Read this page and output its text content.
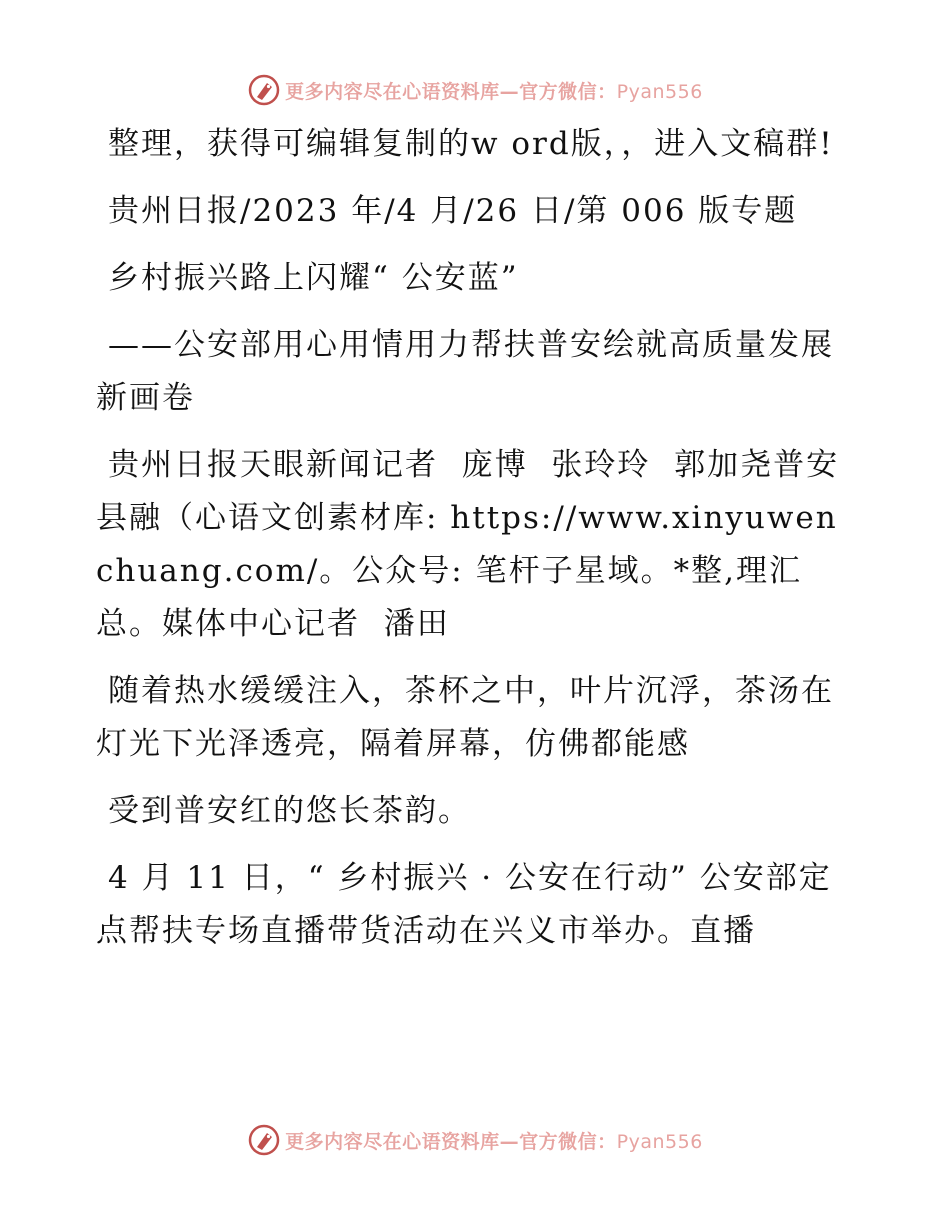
更多内容尽在心语资料库—官方微信：Pyan556

整理，获得可编辑复制的w ord版，，进入文稿群!

贵州日报/2023 年/4 月/26 日/第 006 版专题

乡村振兴路上闪耀“ 公安蓝”

——公安部用心用情用力帮扶普安绘就高质量发展新画卷

贵州日报天眼新闻记者  庞博  张玲玲  郭加尧普安县融（心语文创素材库: https://www.xinyuwenchuang.com/。公众号: 笔杆子星域。*整,理汇总。媒体中心记者  潘田

随着热水缓缓注入，茶杯之中，叶片沉浮，茶汤在灯光下光泽透亮，隔着屏幕，仿佛都能感

受到普安红的悠长茶韵。

4 月 11 日，“ 乡村振兴 · 公安在行动” 公安部定点帮扶专场直播带货活动在兴义市举办。直播

更多内容尽在心语资料库—官方微信：Pyan556
